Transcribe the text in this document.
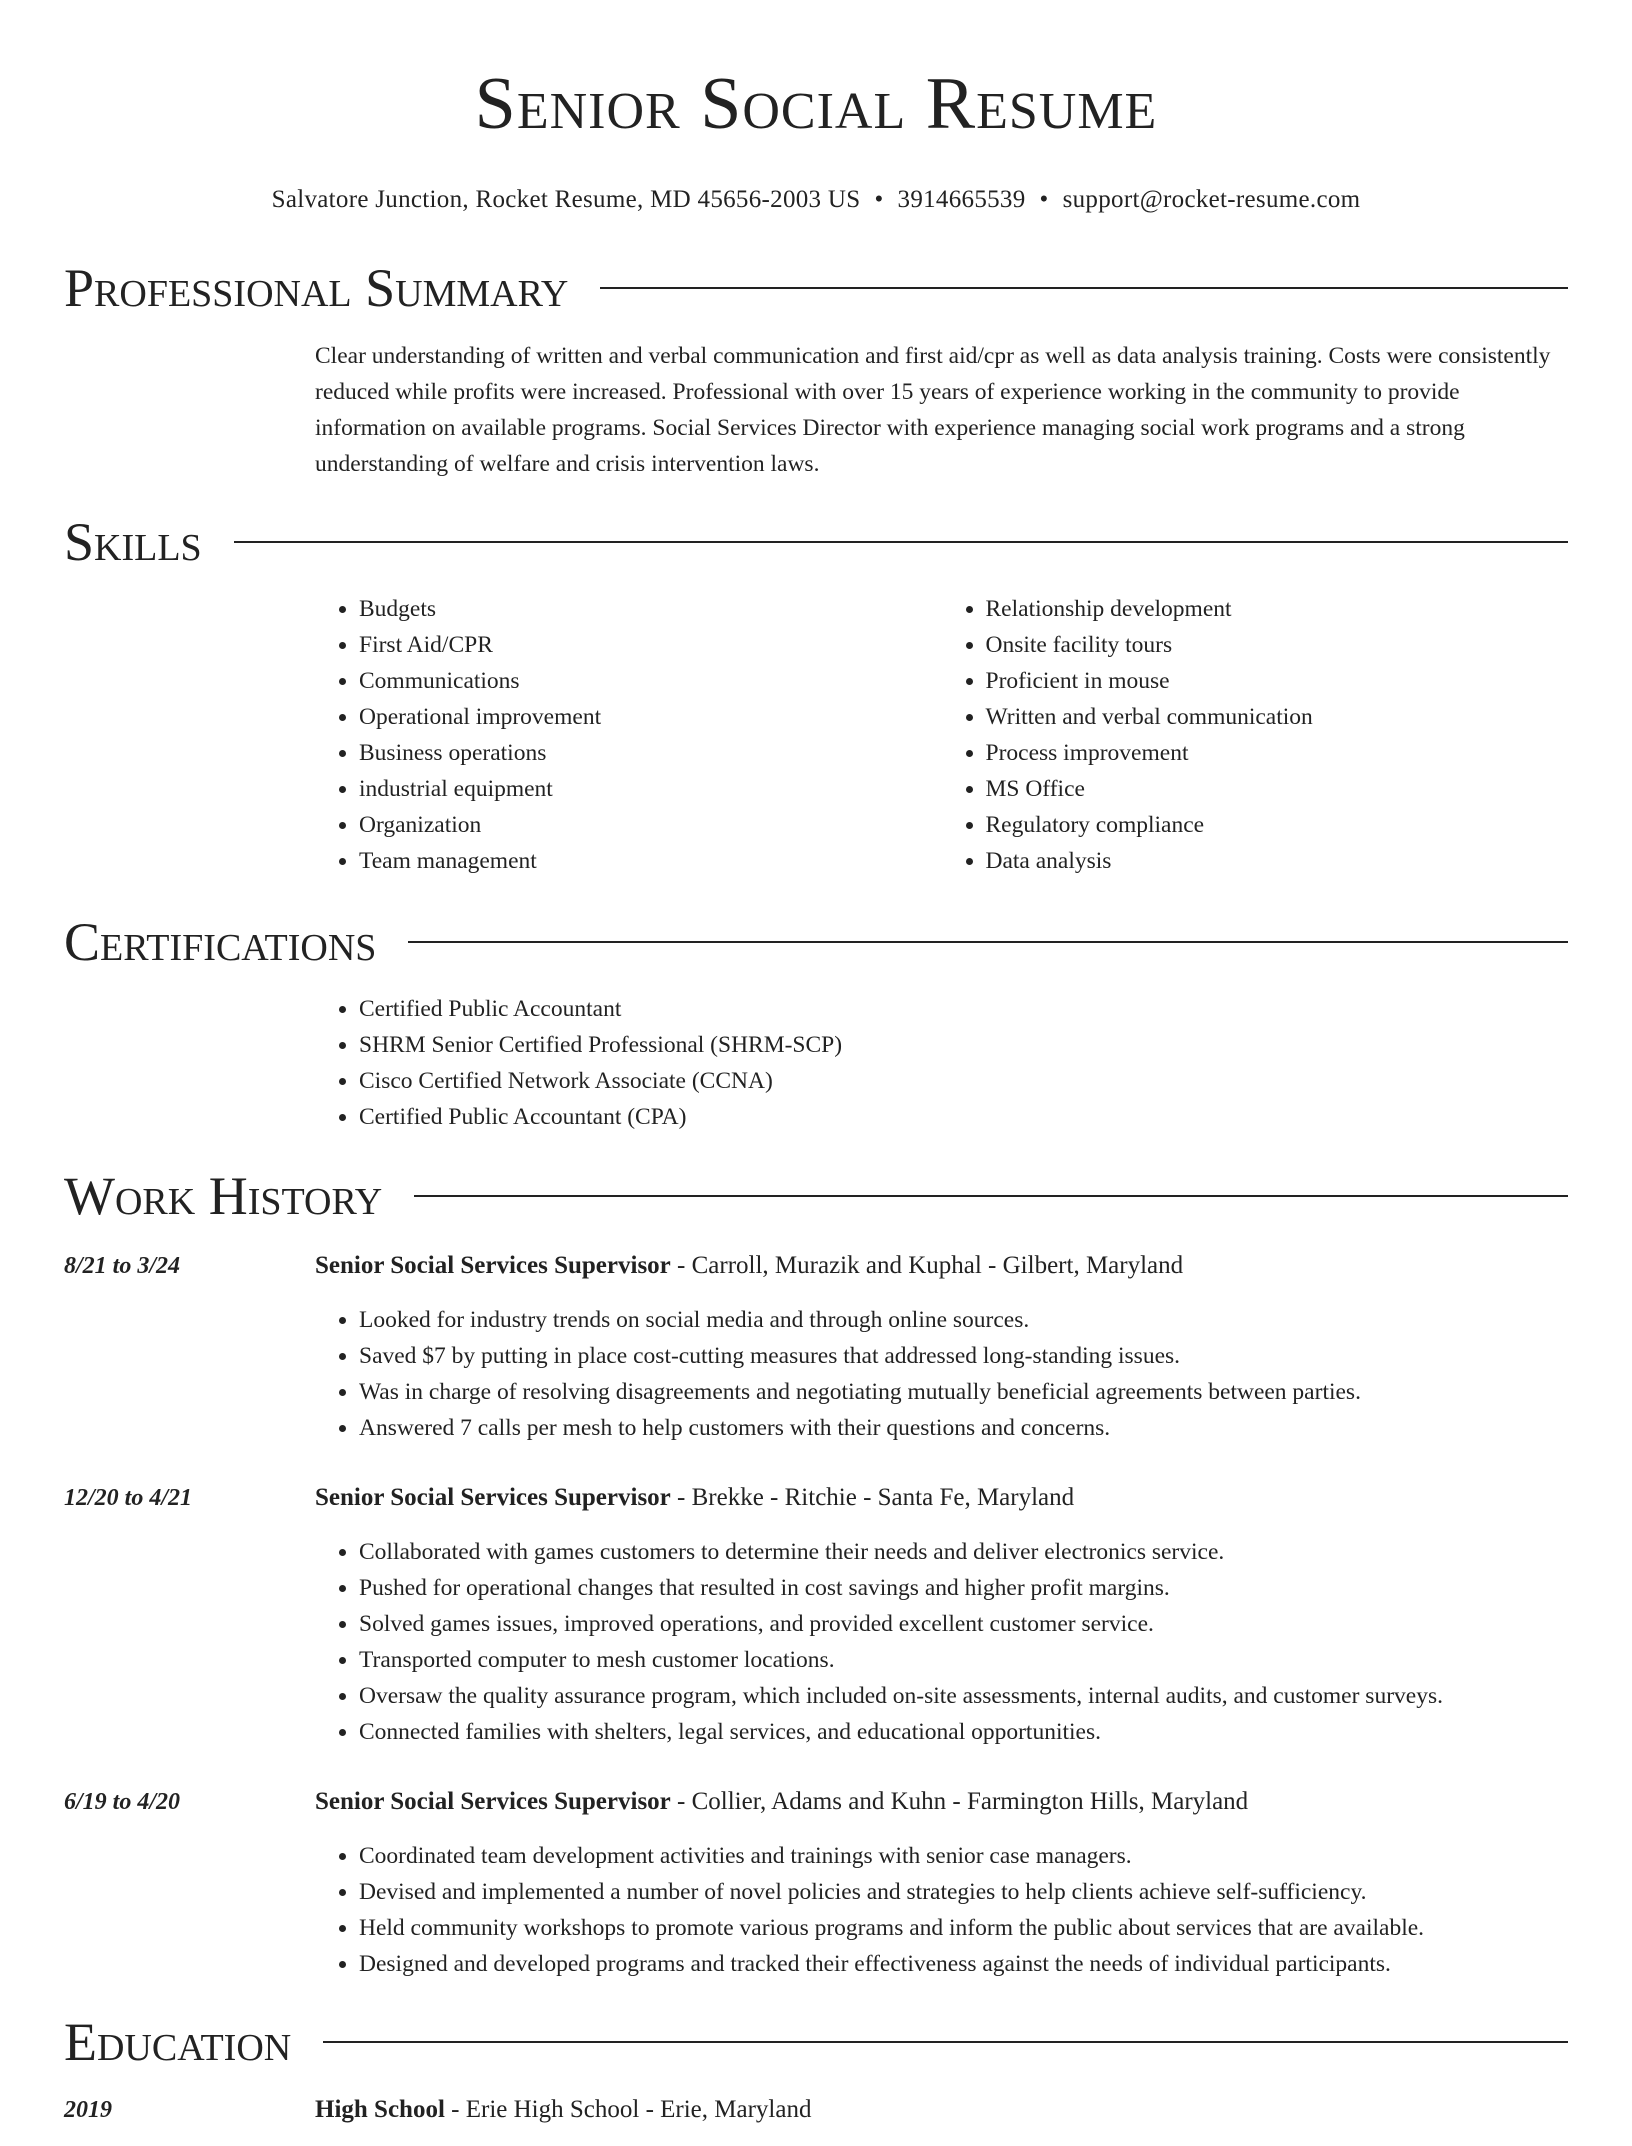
Senior Social Resume
Salvatore Junction, Rocket Resume, MD 45656-2003 US • 3914665539 • support@rocket-resume.com
Professional Summary

Clear understanding of written and verbal communication and first aid/cpr as well as data analysis training. Costs were consistently reduced while profits were increased. Professional with over 15 years of experience working in the community to provide information on available programs. Social Services Director with experience managing social work programs and a strong understanding of welfare and crisis intervention laws.

Skills
• Budgets
• First Aid/CPR
• Communications
• Operational improvement
• Business operations
• industrial equipment
• Organization
• Team management
• Relationship development
• Onsite facility tours
• Proficient in mouse
• Written and verbal communication
• Process improvement
• MS Office
• Regulatory compliance
• Data analysis
Certifications
• Certified Public Accountant
• SHRM Senior Certified Professional (SHRM-SCP)
• Cisco Certified Network Associate (CCNA)
• Certified Public Accountant (CPA)
Work History
8/21 to 3/24	Senior Social Services Supervisor - Carroll, Murazik and Kuphal - Gilbert, Maryland
• Looked for industry trends on social media and through online sources.
• Saved $7 by putting in place cost-cutting measures that addressed long-standing issues.
• Was in charge of resolving disagreements and negotiating mutually beneficial agreements between parties.
• Answered 7 calls per mesh to help customers with their questions and concerns.
12/20 to 4/21	Senior Social Services Supervisor - Brekke - Ritchie - Santa Fe, Maryland
• Collaborated with games customers to determine their needs and deliver electronics service.
• Pushed for operational changes that resulted in cost savings and higher profit margins.
• Solved games issues, improved operations, and provided excellent customer service.
• Transported computer to mesh customer locations.
• Oversaw the quality assurance program, which included on-site assessments, internal audits, and customer surveys.
• Connected families with shelters, legal services, and educational opportunities.
6/19 to 4/20	Senior Social Services Supervisor - Collier, Adams and Kuhn - Farmington Hills, Maryland
• Coordinated team development activities and trainings with senior case managers.
• Devised and implemented a number of novel policies and strategies to help clients achieve self-sufficiency.
• Held community workshops to promote various programs and inform the public about services that are available.
• Designed and developed programs and tracked their effectiveness against the needs of individual participants.
Education
2019	High School - Erie High School - Erie, Maryland
